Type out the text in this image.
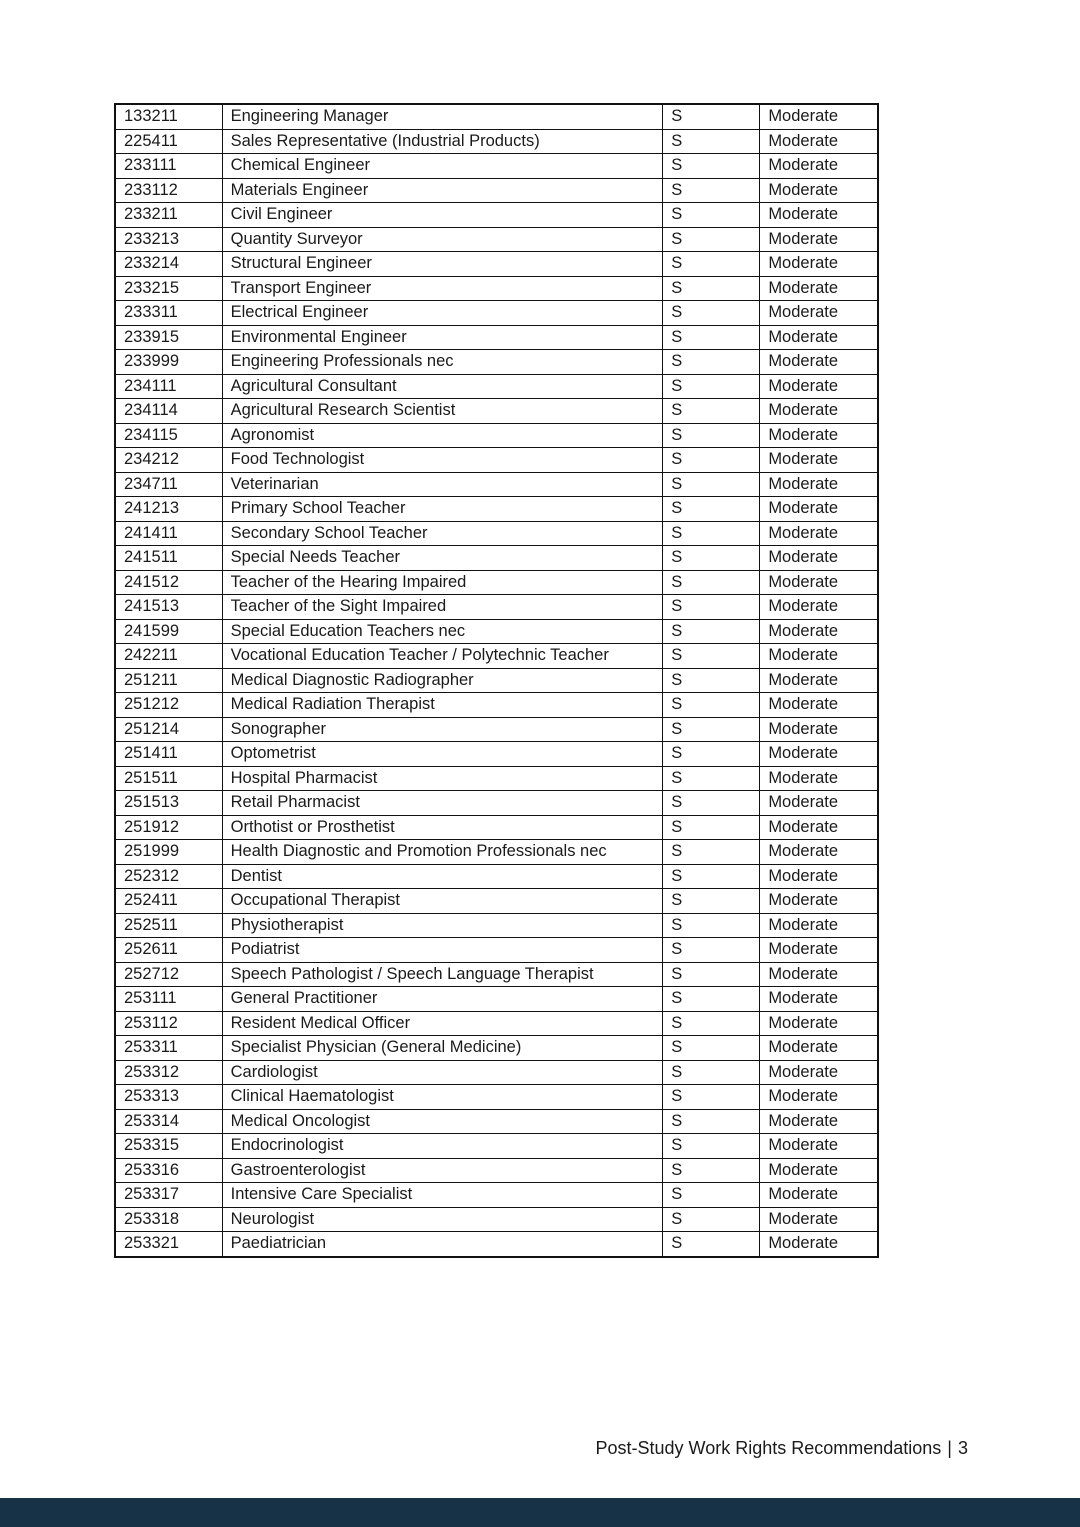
133211	Engineering Manager	S	Moderate
225411	Sales Representative (Industrial Products)	S	Moderate
233111	Chemical Engineer	S	Moderate
233112	Materials Engineer	S	Moderate
233211	Civil Engineer	S	Moderate
233213	Quantity Surveyor	S	Moderate
233214	Structural Engineer	S	Moderate
233215	Transport Engineer	S	Moderate
233311	Electrical Engineer	S	Moderate
233915	Environmental Engineer	S	Moderate
233999	Engineering Professionals nec	S	Moderate
234111	Agricultural Consultant	S	Moderate
234114	Agricultural Research Scientist	S	Moderate
234115	Agronomist	S	Moderate
234212	Food Technologist	S	Moderate
234711	Veterinarian	S	Moderate
241213	Primary School Teacher	S	Moderate
241411	Secondary School Teacher	S	Moderate
241511	Special Needs Teacher	S	Moderate
241512	Teacher of the Hearing Impaired	S	Moderate
241513	Teacher of the Sight Impaired	S	Moderate
241599	Special Education Teachers nec	S	Moderate
242211	Vocational Education Teacher / Polytechnic Teacher	S	Moderate
251211	Medical Diagnostic Radiographer	S	Moderate
251212	Medical Radiation Therapist	S	Moderate
251214	Sonographer	S	Moderate
251411	Optometrist	S	Moderate
251511	Hospital Pharmacist	S	Moderate
251513	Retail Pharmacist	S	Moderate
251912	Orthotist or Prosthetist	S	Moderate
251999	Health Diagnostic and Promotion Professionals nec	S	Moderate
252312	Dentist	S	Moderate
252411	Occupational Therapist	S	Moderate
252511	Physiotherapist	S	Moderate
252611	Podiatrist	S	Moderate
252712	Speech Pathologist / Speech Language Therapist	S	Moderate
253111	General Practitioner	S	Moderate
253112	Resident Medical Officer	S	Moderate
253311	Specialist Physician (General Medicine)	S	Moderate
253312	Cardiologist	S	Moderate
253313	Clinical Haematologist	S	Moderate
253314	Medical Oncologist	S	Moderate
253315	Endocrinologist	S	Moderate
253316	Gastroenterologist	S	Moderate
253317	Intensive Care Specialist	S	Moderate
253318	Neurologist	S	Moderate
253321	Paediatrician	S	Moderate
Post-Study Work Rights Recommendations | 3
